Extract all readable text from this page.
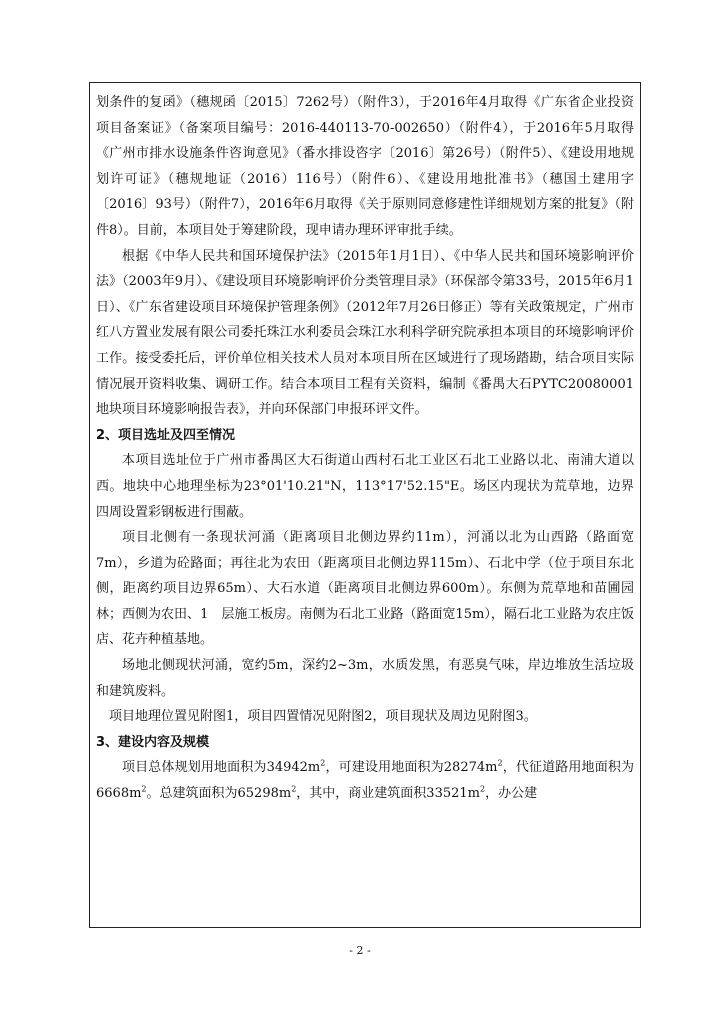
划条件的复函》（穗规函〔2015〕7262号）（附件3），于2016年4月取得《广东省企业投资项目备案证》（备案项目编号：2016-440113-70-002650）（附件4），于2016年5月取得《广州市排水设施条件咨询意见》（番水排设咨字〔2016〕第26号）（附件5）、《建设用地规划许可证》（穗规地证（2016）116号）（附件6）、《建设用地批准书》（穗国土建用字〔2016〕93号）（附件7），2016年6月取得《关于原则同意修建性详细规划方案的批复》（附件8）。目前，本项目处于筹建阶段，现申请办理环评审批手续。

根据《中华人民共和国环境保护法》（2015年1月1日）、《中华人民共和国环境影响评价法》（2003年9月）、《建设项目环境影响评价分类管理目录》（环保部令第33号，2015年6月1日）、《广东省建设项目环境保护管理条例》（2012年7月26日修正）等有关政策规定，广州市红八方置业发展有限公司委托珠江水利委员会珠江水利科学研究院承担本项目的环境影响评价工作。接受委托后，评价单位相关技术人员对本项目所在区域进行了现场踏勘，结合项目实际情况展开资料收集、调研工作。结合本项目工程有关资料，编制《番禺大石PYTC20080001地块项目环境影响报告表》，并向环保部门申报环评文件。

2、项目选址及四至情况

本项目选址位于广州市番禺区大石街道山西村石北工业区石北工业路以北、南浦大道以西。地块中心地理坐标为23°01'10.21"N，113°17'52.15"E。场区内现状为荒草地，边界四周设置彩钢板进行围蔽。

项目北侧有一条现状河涌（距离项目北侧边界约11m），河涌以北为山西路（路面宽7m），乡道为砼路面；再往北为农田（距离项目北侧边界115m）、石北中学（位于项目东北侧，距离约项目边界65m）、大石水道（距离项目北侧边界600m）。东侧为荒草地和苗圃园林；西侧为农田、1　层施工板房。南侧为石北工业路（路面宽15m），隔石北工业路为农庄饭店、花卉种植基地。

场地北侧现状河涌，宽约5m，深约2~3m，水质发黑，有恶臭气味，岸边堆放生活垃圾和建筑废料。

项目地理位置见附图1，项目四置情况见附图2，项目现状及周边见附图3。

3、建设内容及规模

项目总体规划用地面积为$34942m^2$，可建设用地面积为$28274m^2$，代征道路用地面积为$6668m^2$。总建筑面积为$65298m^2$，其中，商业建筑面积$33521m^2$，办公建

- 2 -
